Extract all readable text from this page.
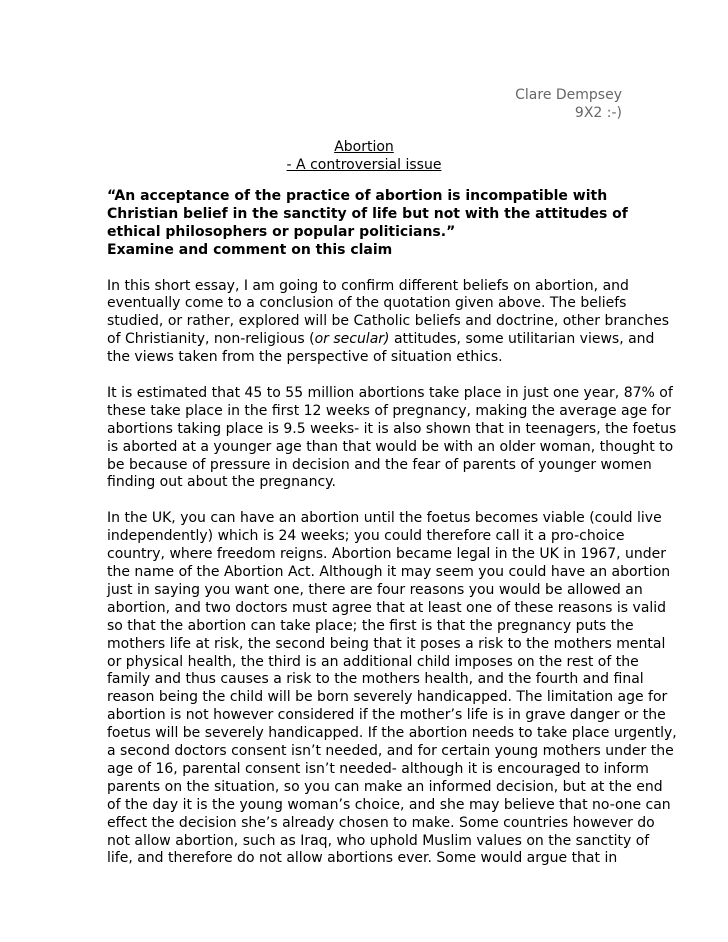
Clare Dempsey
9X2 :-)
Abortion
- A controversial issue
“An acceptance of the practice of abortion is incompatible with
Christian belief in the sanctity of life but not with the attitudes of
ethical philosophers or popular politicians.”
Examine and comment on this claim
In this short essay, I am going to confirm different beliefs on abortion, and
eventually come to a conclusion of the quotation given above. The beliefs
studied, or rather, explored will be Catholic beliefs and doctrine, other branches
of Christianity, non-religious (or secular) attitudes, some utilitarian views, and
the views taken from the perspective of situation ethics.
It is estimated that 45 to 55 million abortions take place in just one year, 87% of
these take place in the first 12 weeks of pregnancy, making the average age for
abortions taking place is 9.5 weeks- it is also shown that in teenagers, the foetus
is aborted at a younger age than that would be with an older woman, thought to
be because of pressure in decision and the fear of parents of younger women
finding out about the pregnancy.
In the UK, you can have an abortion until the foetus becomes viable (could live
independently) which is 24 weeks; you could therefore call it a pro-choice
country, where freedom reigns. Abortion became legal in the UK in 1967, under
the name of the Abortion Act. Although it may seem you could have an abortion
just in saying you want one, there are four reasons you would be allowed an
abortion, and two doctors must agree that at least one of these reasons is valid
so that the abortion can take place; the first is that the pregnancy puts the
mothers life at risk, the second being that it poses a risk to the mothers mental
or physical health, the third is an additional child imposes on the rest of the
family and thus causes a risk to the mothers health, and the fourth and final
reason being the child will be born severely handicapped. The limitation age for
abortion is not however considered if the mother’s life is in grave danger or the
foetus will be severely handicapped. If the abortion needs to take place urgently,
a second doctors consent isn’t needed, and for certain young mothers under the
age of 16, parental consent isn’t needed- although it is encouraged to inform
parents on the situation, so you can make an informed decision, but at the end
of the day it is the young woman’s choice, and she may believe that no-one can
effect the decision she’s already chosen to make. Some countries however do
not allow abortion, such as Iraq, who uphold Muslim values on the sanctity of
life, and therefore do not allow abortions ever. Some would argue that in
